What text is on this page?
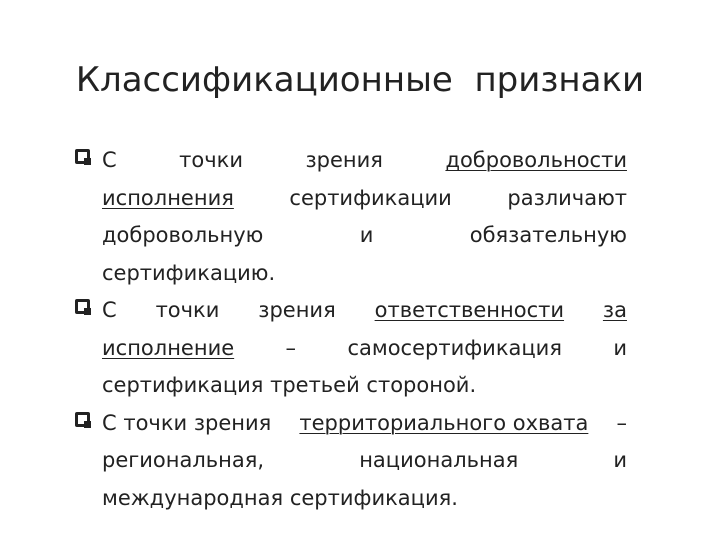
Классификационные  признаки
С	точки	зрения	добровольности
исполнения	сертификации	различают
добровольную	и	обязательную
сертификацию.
С точки зрения ответственности за
исполнение – самосертификация и
сертификация третьей стороной.
С точки зрения территориального охвата –
региональная,	национальная	и
международная сертификация.
